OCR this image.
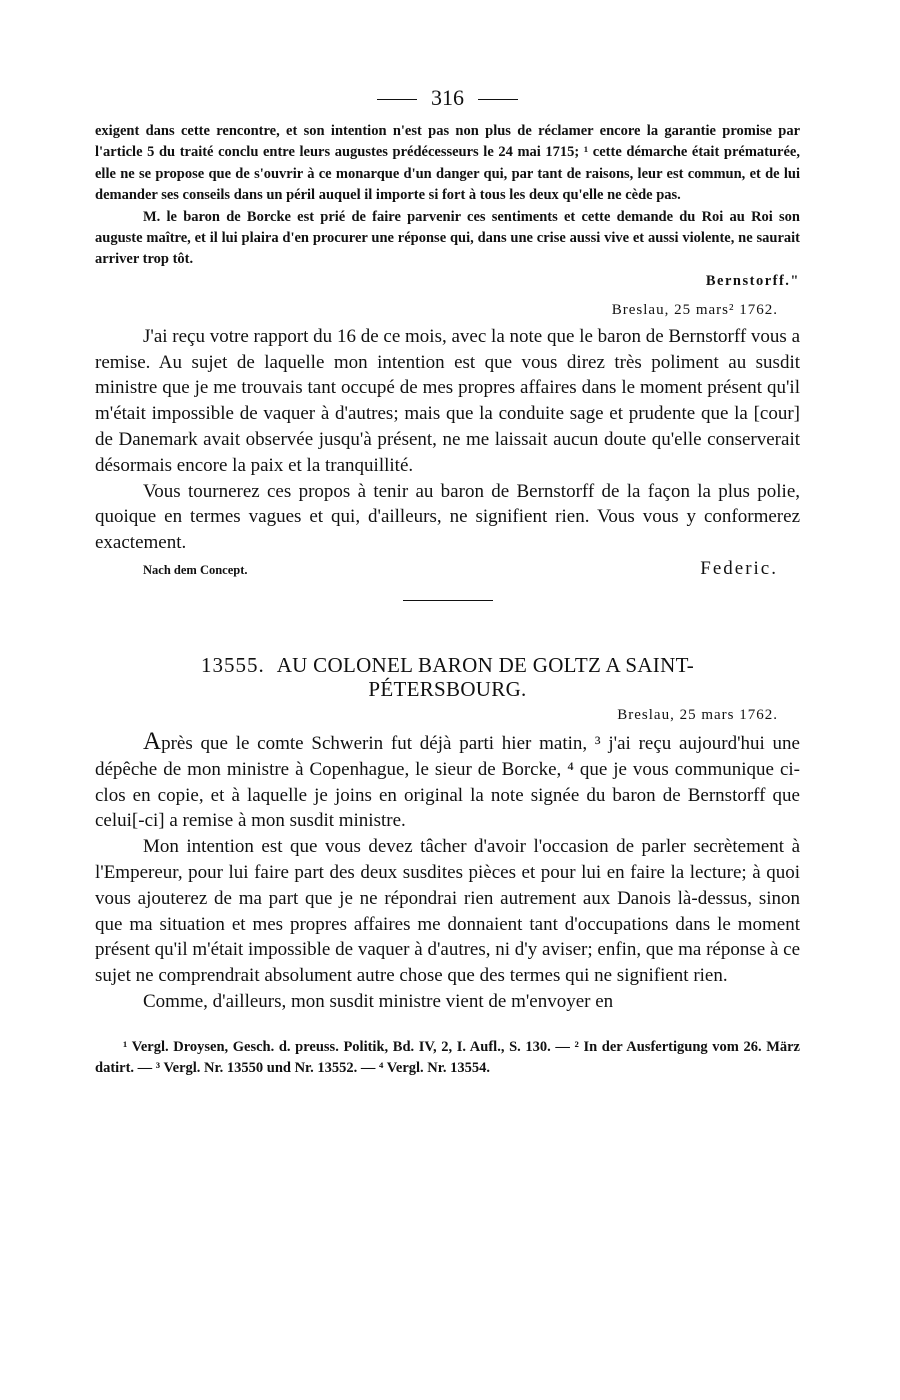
316

exigent dans cette rencontre, et son intention n'est pas non plus de réclamer encore la garantie promise par l'article 5 du traité conclu entre leurs augustes prédécesseurs le 24 mai 1715; ¹ cette démarche était prématurée, elle ne se propose que de s'ouvrir à ce monarque d'un danger qui, par tant de raisons, leur est commun, et de lui demander ses conseils dans un péril auquel il importe si fort à tous les deux qu'elle ne cède pas.

M. le baron de Borcke est prié de faire parvenir ces sentiments et cette demande du Roi au Roi son auguste maître, et il lui plaira d'en procurer une réponse qui, dans une crise aussi vive et aussi violente, ne saurait arriver trop tôt.

Bernstorff."

Breslau, 25 mars² 1762.

J'ai reçu votre rapport du 16 de ce mois, avec la note que le baron de Bernstorff vous a remise. Au sujet de laquelle mon intention est que vous direz très poliment au susdit ministre que je me trouvais tant occupé de mes propres affaires dans le moment présent qu'il m'était impossible de vaquer à d'autres; mais que la conduite sage et prudente que la [cour] de Danemark avait observée jusqu'à présent, ne me laissait aucun doute qu'elle conserverait désormais encore la paix et la tranquillité.

Vous tournerez ces propos à tenir au baron de Bernstorff de la façon la plus polie, quoique en termes vagues et qui, d'ailleurs, ne signifient rien. Vous vous y conformerez exactement.

Nach dem Concept.	Federic.

13555. AU COLONEL BARON DE GOLTZ A SAINT-

PÉTERSBOURG.

Breslau, 25 mars 1762.

Après que le comte Schwerin fut déjà parti hier matin, ³ j'ai reçu aujourd'hui une dépêche de mon ministre à Copenhague, le sieur de Borcke, ⁴ que je vous communique ci-clos en copie, et à laquelle je joins en original la note signée du baron de Bernstorff que celui[-ci] a remise à mon susdit ministre.

Mon intention est que vous devez tâcher d'avoir l'occasion de parler secrètement à l'Empereur, pour lui faire part des deux susdites pièces et pour lui en faire la lecture; à quoi vous ajouterez de ma part que je ne répondrai rien autrement aux Danois là-dessus, sinon que ma situation et mes propres affaires me donnaient tant d'occupations dans le moment présent qu'il m'était impossible de vaquer à d'autres, ni d'y aviser; enfin, que ma réponse à ce sujet ne comprendrait absolument autre chose que des termes qui ne signifient rien.

Comme, d'ailleurs, mon susdit ministre vient de m'envoyer en

¹ Vergl. Droysen, Gesch. d. preuss. Politik, Bd. IV, 2, I. Aufl., S. 130. — ² In der Ausfertigung vom 26. März datirt. — ³ Vergl. Nr. 13550 und Nr. 13552. — ⁴ Vergl. Nr. 13554.
